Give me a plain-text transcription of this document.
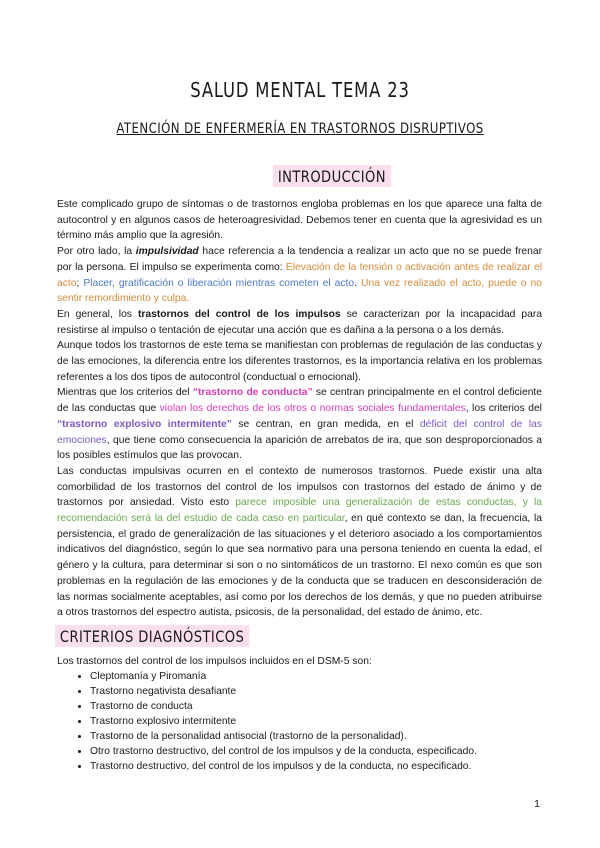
SALUD MENTAL TEMA 23
ATENCIÓN DE ENFERMERÍA EN TRASTORNOS DISRUPTIVOS
INTRODUCCIÓN

Este complicado grupo de síntomas o de trastornos engloba problemas en los que aparece una falta de autocontrol y en algunos casos de heteroagresividad. Debemos tener en cuenta que la agresividad es un término más amplio que la agresión.

Por otro lado, la impulsividad hace referencia a la tendencia a realizar un acto que no se puede frenar por la persona. El impulso se experimenta como: Elevación de la tensión o activación antes de realizar el acto; Placer, gratificación o liberación mientras cometen el acto. Una vez realizado el acto, puede o no sentir remordimiento y culpa.

En general, los trastornos del control de los impulsos se caracterizan por la incapacidad para resistirse al impulso o tentación de ejecutar una acción que es dañina a la persona o a los demás.

Aunque todos los trastornos de este tema se manifiestan con problemas de regulación de las conductas y de las emociones, la diferencia entre los diferentes trastornos, es la importancia relativa en los problemas referentes a los dos tipos de autocontrol (conductual o emocional).

Mientras que los criterios del “trastorno de conducta” se centran principalmente en el control deficiente de las conductas que violan los derechos de los otros o normas sociales fundamentales, los criterios del “trastorno explosivo intermitente” se centran, en gran medida, en el déficit del control de las emociones, que tiene como consecuencia la aparición de arrebatos de ira, que son desproporcionados a los posibles estímulos que las provocan.

Las conductas impulsivas ocurren en el contexto de numerosos trastornos. Puede existir una alta comorbilidad de los trastornos del control de los impulsos con trastornos del estado de ánimo y de trastornos por ansiedad. Visto esto parece imposible una generalización de estas conductas, y la recomendación será la del estudio de cada caso en particular, en qué contexto se dan, la frecuencia, la persistencia, el grado de generalización de las situaciones y el deterioro asociado a los comportamientos indicativos del diagnóstico, según lo que sea normativo para una persona teniendo en cuenta la edad, el género y la cultura, para determinar si son o no sintomáticos de un trastorno. El nexo común es que son problemas en la regulación de las emociones y de la conducta que se traducen en desconsideración de las normas socialmente aceptables, así como por los derechos de los demás, y que no pueden atribuirse a otros trastornos del espectro autista, psicosis, de la personalidad, del estado de ánimo, etc.

CRITERIOS DIAGNÓSTICOS
Los trastornos del control de los impulsos incluidos en el DSM-5 son:
• Cleptomanía y Piromanía
• Trastorno negativista desafiante
• Trastorno de conducta
• Trastorno explosivo intermitente
• Trastorno de la personalidad antisocial (trastorno de la personalidad).
• Otro trastorno destructivo, del control de los impulsos y de la conducta, especificado.
• Trastorno destructivo, del control de los impulsos y de la conducta, no especificado.
1
